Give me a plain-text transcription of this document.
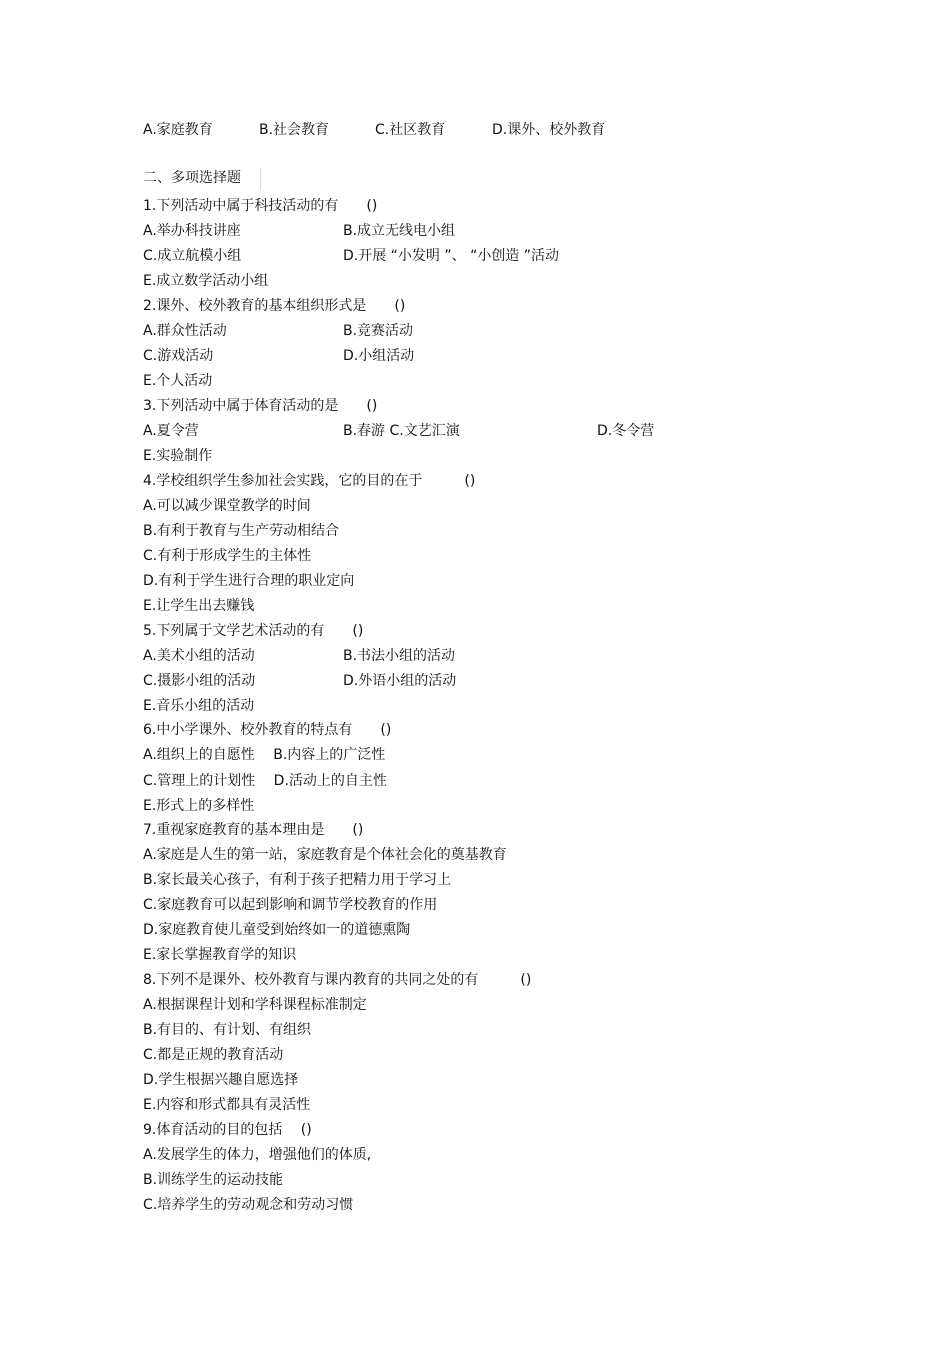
A.家庭教育	B.社会教育	C.社区教育	D.课外、校外教育
二、多项选择题
1.下列活动中属于科技活动的有　　()
A.举办科技讲座	B.成立无线电小组
C.成立航模小组	D.开展 “小发明 ”、 “小创造 ”活动
E.成立数学活动小组
2.课外、校外教育的基本组织形式是　　()
A.群众性活动	B.竞赛活动
C.游戏活动	D.小组活动
E.个人活动
3.下列活动中属于体育活动的是　　()
A.夏令营	B.春游 C.文艺汇演	D.冬令营
E.实验制作
4.学校组织学生参加社会实践，它的目的在于　　　()
A.可以减少课堂教学的时间
B.有利于教育与生产劳动相结合
C.有利于形成学生的主体性
D.有利于学生进行合理的职业定向
E.让学生出去赚钱
5.下列属于文学艺术活动的有　　()
A.美术小组的活动	B.书法小组的活动
C.摄影小组的活动	D.外语小组的活动
E.音乐小组的活动
6.中小学课外、校外教育的特点有　　()
A.组织上的自愿性　 B.内容上的广泛性
C.管理上的计划性　 D.活动上的自主性
E.形式上的多样性
7.重视家庭教育的基本理由是　　()
A.家庭是人生的第一站，家庭教育是个体社会化的奠基教育
B.家长最关心孩子，有利于孩子把精力用于学习上
C.家庭教育可以起到影响和调节学校教育的作用
D.家庭教育使儿童受到始终如一的道德熏陶
E.家长掌握教育学的知识
8.下列不是课外、校外教育与课内教育的共同之处的有　　　()
A.根据课程计划和学科课程标准制定
B.有目的、有计划、有组织
C.都是正规的教育活动
D.学生根据兴趣自愿选择
E.内容和形式都具有灵活性
9.体育活动的目的包括　 ()
A.发展学生的体力，增强他们的体质,
B.训练学生的运动技能
C.培养学生的劳动观念和劳动习惯
